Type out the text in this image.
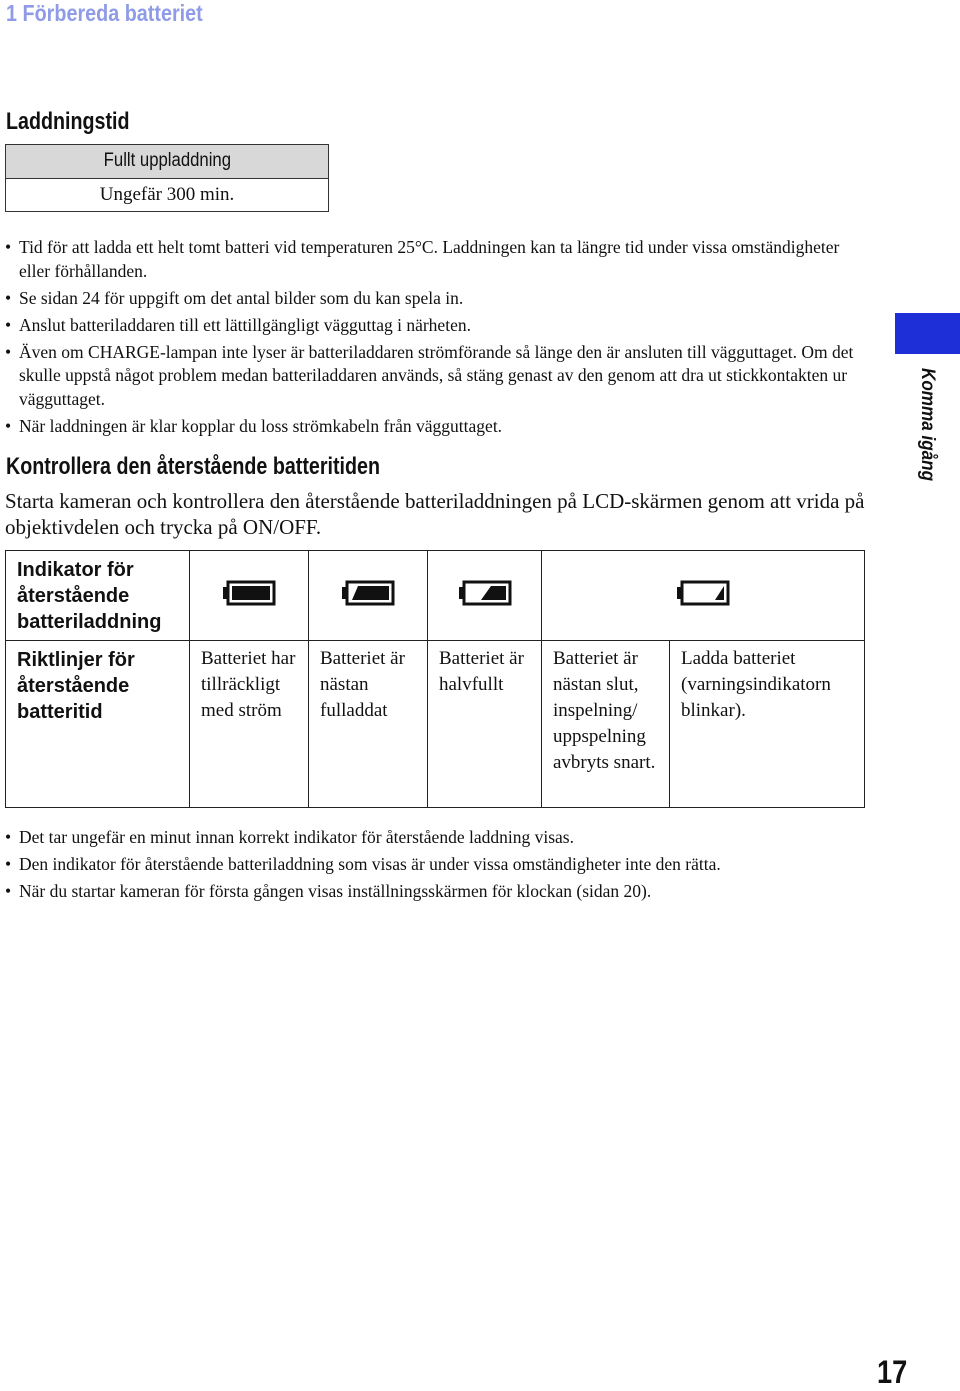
1 Förbereda batteriet
Laddningstid
Fullt uppladdning
Ungefär 300 min.
• Tid för att ladda ett helt tomt batteri vid temperaturen 25°C. Laddningen kan ta längre tid under vissa omständigheter eller förhållanden.
• Se sidan 24 för uppgift om det antal bilder som du kan spela in.
• Anslut batteriladdaren till ett lättillgängligt vägguttag i närheten.
• Även om CHARGE-lampan inte lyser är batteriladdaren strömförande så länge den är ansluten till vägguttaget. Om det skulle uppstå något problem medan batteriladdaren används, så stäng genast av den genom att dra ut stickkontakten ur vägguttaget.
• När laddningen är klar kopplar du loss strömkabeln från vägguttaget.
Kontrollera den återstående batteritiden

Starta kameran och kontrollera den återstående batteriladdningen på LCD-skärmen genom att vrida på objektivdelen och trycka på ON/OFF.

Indikator för återstående batteriladdning					
Riktlinjer för återstående batteritid	Batteriet har tillräckligt med ström	Batteriet är nästan fulladdat	Batteriet är halvfullt	Batteriet är nästan slut, inspelning/ uppspelning avbryts snart.	Ladda batteriet (varningsindikatorn blinkar).	
• Det tar ungefär en minut innan korrekt indikator för återstående laddning visas.
• Den indikator för återstående batteriladdning som visas är under vissa omständigheter inte den rätta.
• När du startar kameran för första gången visas inställningsskärmen för klockan (sidan 20).
Komma igång
17
